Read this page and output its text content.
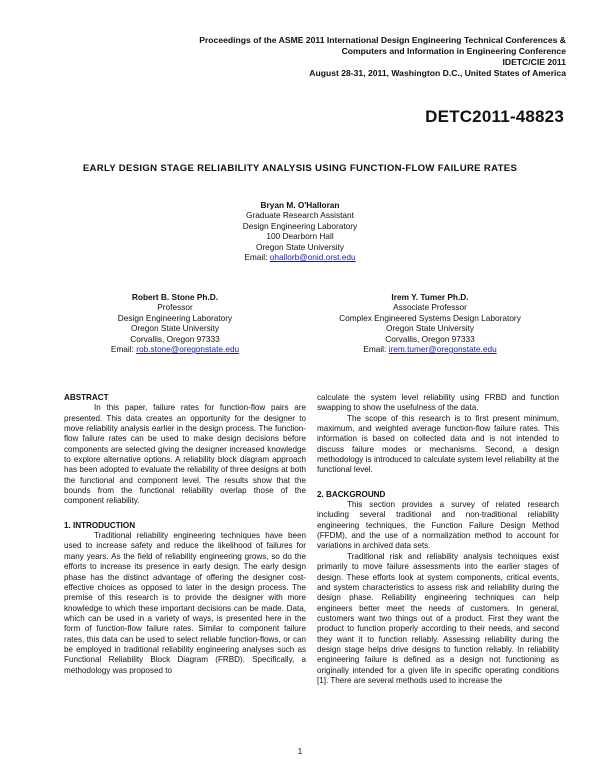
Proceedings of the ASME 2011 International Design Engineering Technical Conferences &
Computers and Information in Engineering Conference
IDETC/CIE 2011
August 28-31, 2011, Washington D.C., United States of America
DETC2011-48823
EARLY DESIGN STAGE RELIABILITY ANALYSIS USING FUNCTION-FLOW FAILURE RATES
Bryan M. O'Halloran
Graduate Research Assistant
Design Engineering Laboratory
100 Dearborn Hall
Oregon State University
Email: ohallorb@onid.orst.edu
Robert B. Stone Ph.D.
Professor
Design Engineering Laboratory
Oregon State University
Corvallis, Oregon 97333
Email: rob.stone@oregonstate.edu
Irem Y. Tumer Ph.D.
Associate Professor
Complex Engineered Systems Design Laboratory
Oregon State University
Corvallis, Oregon 97333
Email: irem.tumer@oregonstate.edu

ABSTRACT

In this paper, failure rates for function-flow pairs are presented. This data creates an opportunity for the designer to move reliability analysis earlier in the design process. The function-flow failure rates can be used to make design decisions before components are selected giving the designer increased knowledge to explore alternative options. A reliability block diagram approach has been adopted to evaluate the reliability of three designs at both the functional and component level. The results show that the bounds from the functional reliability overlap those of the component reliability.

1. INTRODUCTION

Traditional reliability engineering techniques have been used to increase safety and reduce the likelihood of failures for many years. As the field of reliability engineering grows, so do the efforts to increase its presence in early design. The early design phase has the distinct advantage of offering the designer cost-effective choices as opposed to later in the design process. The premise of this research is to provide the designer with more knowledge to which these important decisions can be made. Data, which can be used in a variety of ways, is presented here in the form of function-flow failure rates. Similar to component failure rates, this data can be used to select reliable function-flows, or can be employed in traditional reliability engineering analyses such as Functional Reliability Block Diagram (FRBD). Specifically, a methodology was proposed to

calculate the system level reliability using FRBD and function swapping to show the usefulness of the data.

The scope of this research is to first present minimum, maximum, and weighted average function-flow failure rates. This information is based on collected data and is not intended to discuss failure modes or mechanisms. Second, a design methodology is introduced to calculate system level reliability at the functional level.

2. BACKGROUND

This section provides a survey of related research including several traditional and non-traditional reliability engineering techniques, the Function Failure Design Method (FFDM), and the use of a normalization method to account for variations in archived data sets.

Traditional risk and reliability analysis techniques exist primarily to move failure assessments into the earlier stages of design. These efforts look at system components, critical events, and system characteristics to assess risk and reliability during the design phase. Reliability engineering techniques can help engineers better meet the needs of customers. In general, customers want two things out of a product. First they want the product to function properly according to their needs, and second they want it to function reliably. Assessing reliability during the design stage helps drive designs to function reliably. In reliability engineering failure is defined as a design not functioning as originally intended for a given life in specific operating conditions [1]. There are several methods used to increase the

1
